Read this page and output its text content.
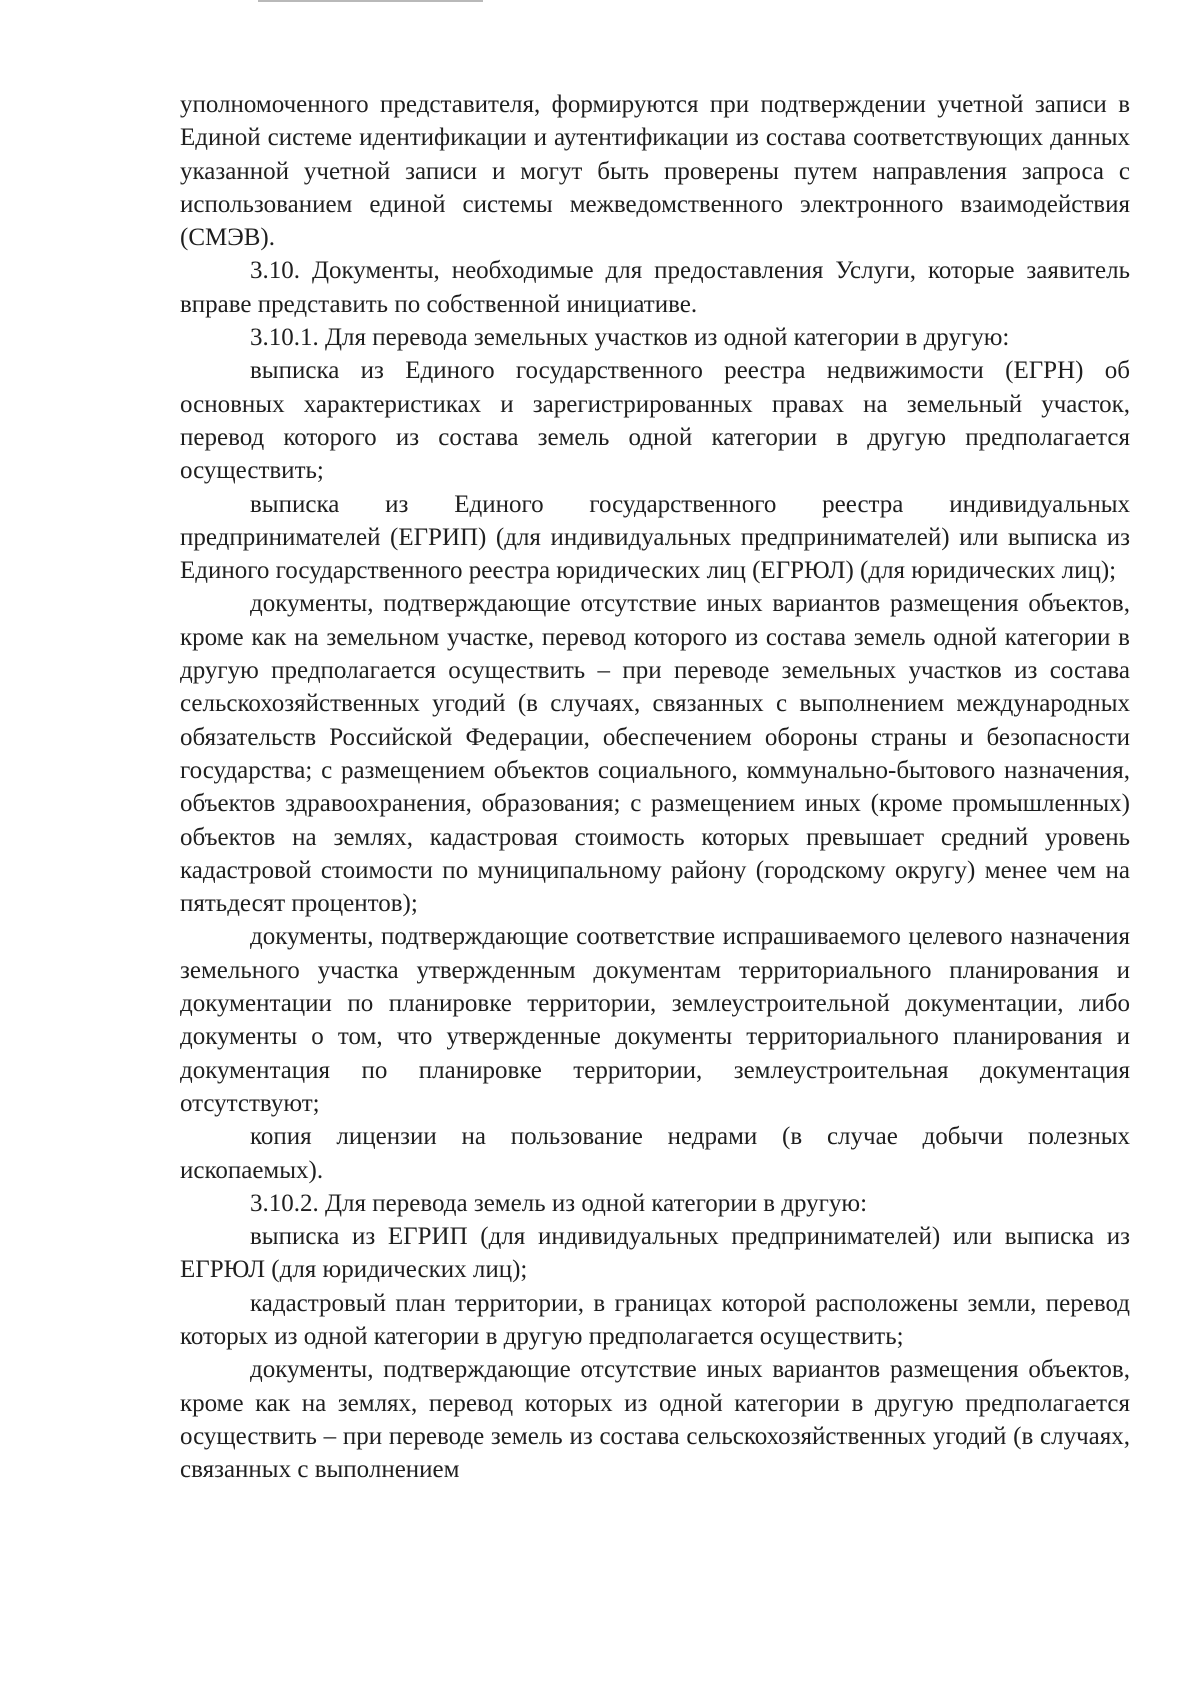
уполномоченного представителя, формируются при подтверждении учетной записи в Единой системе идентификации и аутентификации из состава соответствующих данных указанной учетной записи и могут быть проверены путем направления запроса с использованием единой системы межведомственного электронного взаимодействия (СМЭВ).

3.10. Документы, необходимые для предоставления Услуги, которые заявитель вправе представить по собственной инициативе.

3.10.1. Для перевода земельных участков из одной категории в другую:

выписка из Единого государственного реестра недвижимости (ЕГРН) об основных характеристиках и зарегистрированных правах на земельный участок, перевод которого из состава земель одной категории в другую предполагается осуществить;

выписка из Единого государственного реестра индивидуальных предпринимателей (ЕГРИП) (для индивидуальных предпринимателей) или выписка из Единого государственного реестра юридических лиц (ЕГРЮЛ) (для юридических лиц);

документы, подтверждающие отсутствие иных вариантов размещения объектов, кроме как на земельном участке, перевод которого из состава земель одной категории в другую предполагается осуществить – при переводе земельных участков из состава сельскохозяйственных угодий (в случаях, связанных с выполнением международных обязательств Российской Федерации, обеспечением обороны страны и безопасности государства; с размещением объектов социального, коммунально-бытового назначения, объектов здравоохранения, образования; с размещением иных (кроме промышленных) объектов на землях, кадастровая стоимость которых превышает средний уровень кадастровой стоимости по муниципальному району (городскому округу) менее чем на пятьдесят процентов);

документы, подтверждающие соответствие испрашиваемого целевого назначения земельного участка утвержденным документам территориального планирования и документации по планировке территории, землеустроительной документации, либо документы о том, что утвержденные документы территориального планирования и документация по планировке территории, землеустроительная документация отсутствуют;

копия лицензии на пользование недрами (в случае добычи полезных ископаемых).

3.10.2. Для перевода земель из одной категории в другую:

выписка из ЕГРИП (для индивидуальных предпринимателей) или выписка из ЕГРЮЛ (для юридических лиц);

кадастровый план территории, в границах которой расположены земли, перевод которых из одной категории в другую предполагается осуществить;

документы, подтверждающие отсутствие иных вариантов размещения объектов, кроме как на землях, перевод которых из одной категории в другую предполагается осуществить – при переводе земель из состава сельскохозяйственных угодий (в случаях, связанных с выполнением
